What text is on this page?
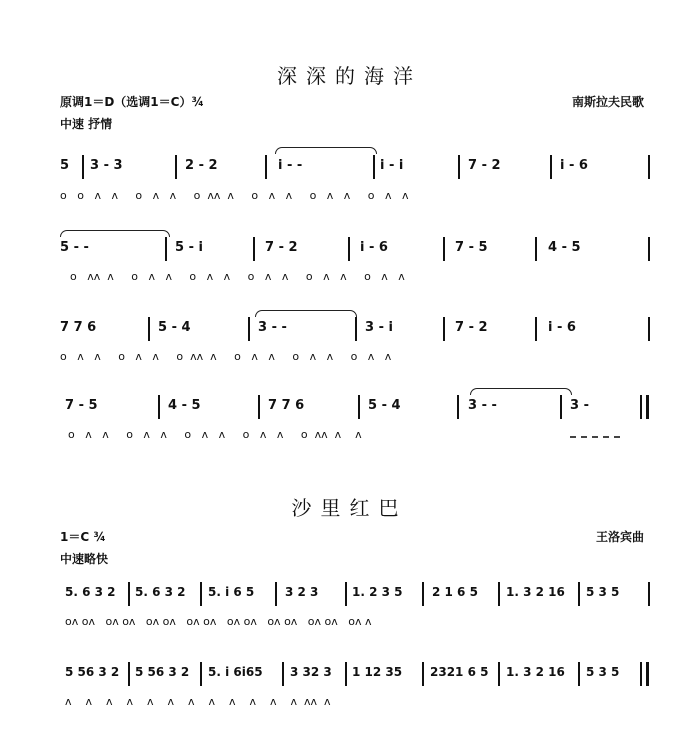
深深的海洋
原调1＝D（选调1＝C）¾	南斯拉夫民歌
中速 抒情
5 3 - 3	2 - 2	i - -	i - i	7 - 2	i - 6
o   o   ʌ   ʌ     o   ʌ   ʌ     o  ʌʌ  ʌ     o   ʌ   ʌ     o   ʌ   ʌ     o   ʌ   ʌ
5 - -	5 - i	7 - 2	i - 6	7 - 5	4 - 5
o   ʌʌ  ʌ     o   ʌ   ʌ     o   ʌ   ʌ     o   ʌ   ʌ     o   ʌ   ʌ     o   ʌ   ʌ
7 7 6	5 - 4	3 - -	3 - i	7 - 2	i - 6
o   ʌ   ʌ     o   ʌ   ʌ     o  ʌʌ  ʌ     o   ʌ   ʌ     o   ʌ   ʌ     o   ʌ   ʌ
7 - 5	4 - 5	7 7 6	5 - 4	3 - -	3 -
o   ʌ   ʌ     o   ʌ   ʌ     o   ʌ   ʌ     o   ʌ   ʌ     o  ʌʌ  ʌ    ʌ
沙里红巴
1＝C ¾	王洛宾曲
中速略快
5. 6 3 2 5. 6 3 2 5. i 6 5	3 2 3	1. 2 3 5 2 1 6 5 1. 3 2 16 5 3 5
oʌ oʌ   oʌ oʌ   oʌ oʌ   oʌ oʌ   oʌ oʌ   oʌ oʌ   oʌ oʌ   oʌ ʌ
5 56 3 2 5 56 3 2 5. i 6i65 3 32 3 1 12 35 2321 6 5 1. 3 2 16 5 3 5
ʌ    ʌ    ʌ    ʌ    ʌ    ʌ    ʌ    ʌ    ʌ    ʌ    ʌ    ʌ  ʌʌ  ʌ
